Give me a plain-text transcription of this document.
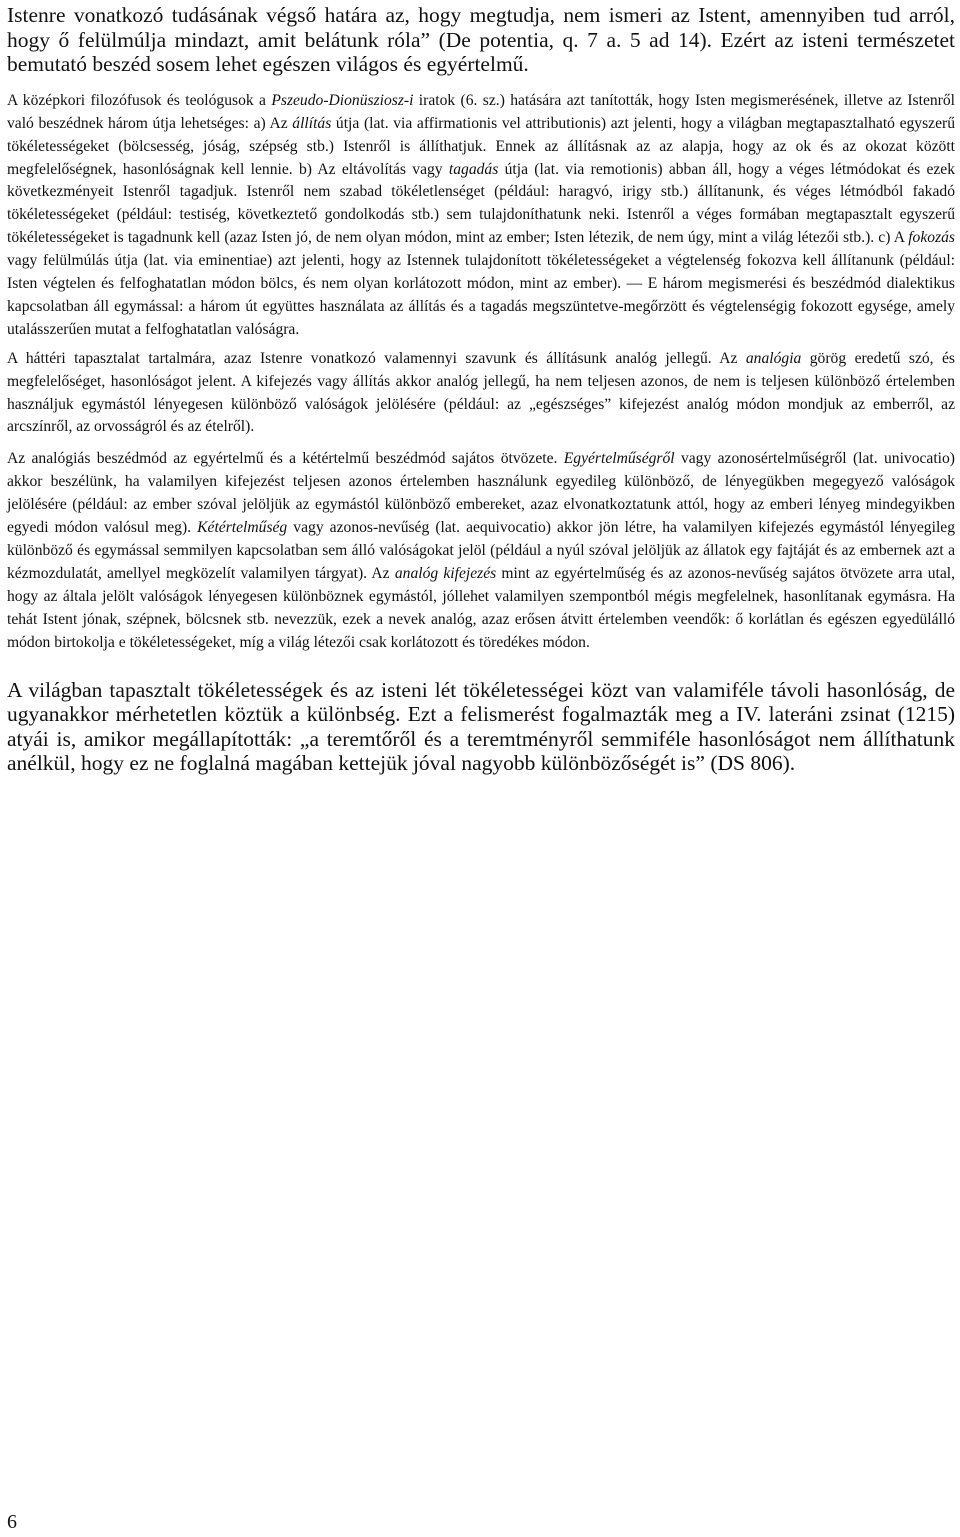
Istenre vonatkozó tudásának végső határa az, hogy megtudja, nem ismeri az Istent, amennyiben tud arról, hogy ő felülmúlja mindazt, amit belátunk róla” (De potentia, q. 7 a. 5 ad 14). Ezért az isteni természetet bemutató beszéd sosem lehet egészen világos és egyértelmű.

A középkori filozófusok és teológusok a Pszeudo-Dionüsziosz-i iratok (6. sz.) hatására azt tanították, hogy Isten megismerésének, illetve az Istenről való beszédnek három útja lehetséges: a) Az állítás útja (lat. via affirmationis vel attributionis) azt jelenti, hogy a világban megtapasztalható egyszerű tökéletességeket (bölcsesség, jóság, szépség stb.) Istenről is állíthatjuk. Ennek az állításnak az az alapja, hogy az ok és az okozat között megfelelőségnek, hasonlóságnak kell lennie. b) Az eltávolítás vagy tagadás útja (lat. via remotionis) abban áll, hogy a véges létmódokat és ezek következményeit Istenről tagadjuk. Istenről nem szabad tökéletlenséget (például: haragvó, irigy stb.) állítanunk, és véges létmódból fakadó tökéletességeket (például: testiség, következtető gondolkodás stb.) sem tulajdoníthatunk neki. Istenről a véges formában megtapasztalt egyszerű tökéletességeket is tagadnunk kell (azaz Isten jó, de nem olyan módon, mint az ember; Isten létezik, de nem úgy, mint a világ létezői stb.). c) A fokozás vagy felülmúlás útja (lat. via eminentiae) azt jelenti, hogy az Istennek tulajdonított tökéletességeket a végtelenség fokozva kell állítanunk (például: Isten végtelen és felfoghatatlan módon bölcs, és nem olyan korlátozott módon, mint az ember). — E három megismerési és beszédmód dialektikus kapcsolatban áll egymással: a három út együttes használata az állítás és a tagadás megszüntetve-megőrzött és végtelenségig fokozott egysége, amely utalásszerűen mutat a felfoghatatlan valóságra.

A háttéri tapasztalat tartalmára, azaz Istenre vonatkozó valamennyi szavunk és állításunk analóg jellegű. Az analógia görög eredetű szó, és megfelelőséget, hasonlóságot jelent. A kifejezés vagy állítás akkor analóg jellegű, ha nem teljesen azonos, de nem is teljesen különböző értelemben használjuk egymástól lényegesen különböző valóságok jelölésére (például: az „egészséges” kifejezést analóg módon mondjuk az emberről, az arcszínről, az orvosságról és az ételről).

Az analógiás beszédmód az egyértelmű és a kétértelmű beszédmód sajátos ötvözete. Egyértelműségről vagy azonosértelműségről (lat. univocatio) akkor beszélünk, ha valamilyen kifejezést teljesen azonos értelemben használunk egyedileg különböző, de lényegükben megegyező valóságok jelölésére (például: az ember szóval jelöljük az egymástól különböző embereket, azaz elvonatkoztatunk attól, hogy az emberi lényeg mindegyikben egyedi módon valósul meg). Kétértelműség vagy azonos-nevűség (lat. aequivocatio) akkor jön létre, ha valamilyen kifejezés egymástól lényegileg különböző és egymással semmilyen kapcsolatban sem álló valóságokat jelöl (például a nyúl szóval jelöljük az állatok egy fajtáját és az embernek azt a kézmozdulatát, amellyel megközelít valamilyen tárgyat). Az analóg kifejezés mint az egyértelműség és az azonos-nevűség sajátos ötvözete arra utal, hogy az általa jelölt valóságok lényegesen különböznek egymástól, jóllehet valamilyen szempontból mégis megfelelnek, hasonlítanak egymásra. Ha tehát Istent jónak, szépnek, bölcsnek stb. nevezzük, ezek a nevek analóg, azaz erősen átvitt értelemben veendők: ő korlátlan és egészen egyedülálló módon birtokolja e tökéletességeket, míg a világ létezői csak korlátozott és töredékes módon.

A világban tapasztalt tökéletességek és az isteni lét tökéletességei közt van valamiféle távoli hasonlóság, de ugyanakkor mérhetetlen köztük a különbség. Ezt a felismerést fogalmazták meg a IV. lateráni zsinat (1215) atyái is, amikor megállapították: „a teremtőről és a teremtményről semmiféle hasonlóságot nem állíthatunk anélkül, hogy ez ne foglalná magában kettejük jóval nagyobb különbözőségét is” (DS 806).

6
